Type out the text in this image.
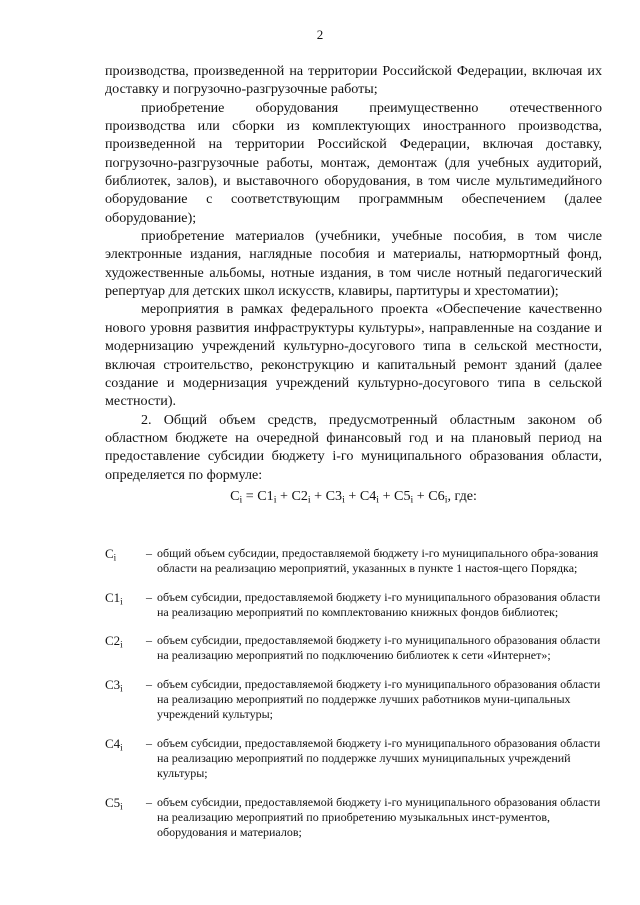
2

производства, произведенной на территории Российской Федерации, включая их доставку и погрузочно-разгрузочные работы;

приобретение оборудования преимущественно отечественного производства или сборки из комплектующих иностранного производства, произведенной на территории Российской Федерации, включая доставку, погрузочно-разгрузочные работы, монтаж, демонтаж (для учебных аудиторий, библиотек, залов), и выставочного оборудования, в том числе мультимедийного оборудование с соответствующим программным обеспечением (далее оборудование);

приобретение материалов (учебники, учебные пособия, в том числе электронные издания, наглядные пособия и материалы, натюрмортный фонд, художественные альбомы, нотные издания, в том числе нотный педагогический репертуар для детских школ искусств, клавиры, партитуры и хрестоматии);

мероприятия в рамках федерального проекта «Обеспечение качественно нового уровня развития инфраструктуры культуры», направленные на создание и модернизацию учреждений культурно-досугового типа в сельской местности, включая строительство, реконструкцию и капитальный ремонт зданий (далее создание и модернизация учреждений культурно-досугового типа в сельской местности).

2. Общий объем средств, предусмотренный областным законом об областном бюджете на очередной финансовый год и на плановый период на предоставление субсидии бюджету i-го муниципального образования области, определяется по формуле:

$C_i = C1_i + C2_i + C3_i + C4_i + C5_i + C6_i$, где:
$C_i$	– общий объем субсидии, предоставляемой бюджету i-го муниципального обра-зования области на реализацию мероприятий, указанных в пункте 1 настоя-щего Порядка;
$C1_i$	– объем субсидии, предоставляемой бюджету i-го муниципального образования области на реализацию мероприятий по комплектованию книжных фондов библиотек;
$C2_i$	– объем субсидии, предоставляемой бюджету i-го муниципального образования области на реализацию мероприятий по подключению библиотек к сети «Интернет»;
$C3_i$	– объем субсидии, предоставляемой бюджету i-го муниципального образования области на реализацию мероприятий по поддержке лучших работников муни-ципальных учреждений культуры;
$C4_i$	– объем субсидии, предоставляемой бюджету i-го муниципального образования области на реализацию мероприятий по поддержке лучших муниципальных учреждений культуры;
$C5_i$	– объем субсидии, предоставляемой бюджету i-го муниципального образования области на реализацию мероприятий по приобретению музыкальных инст-рументов, оборудования и материалов;
